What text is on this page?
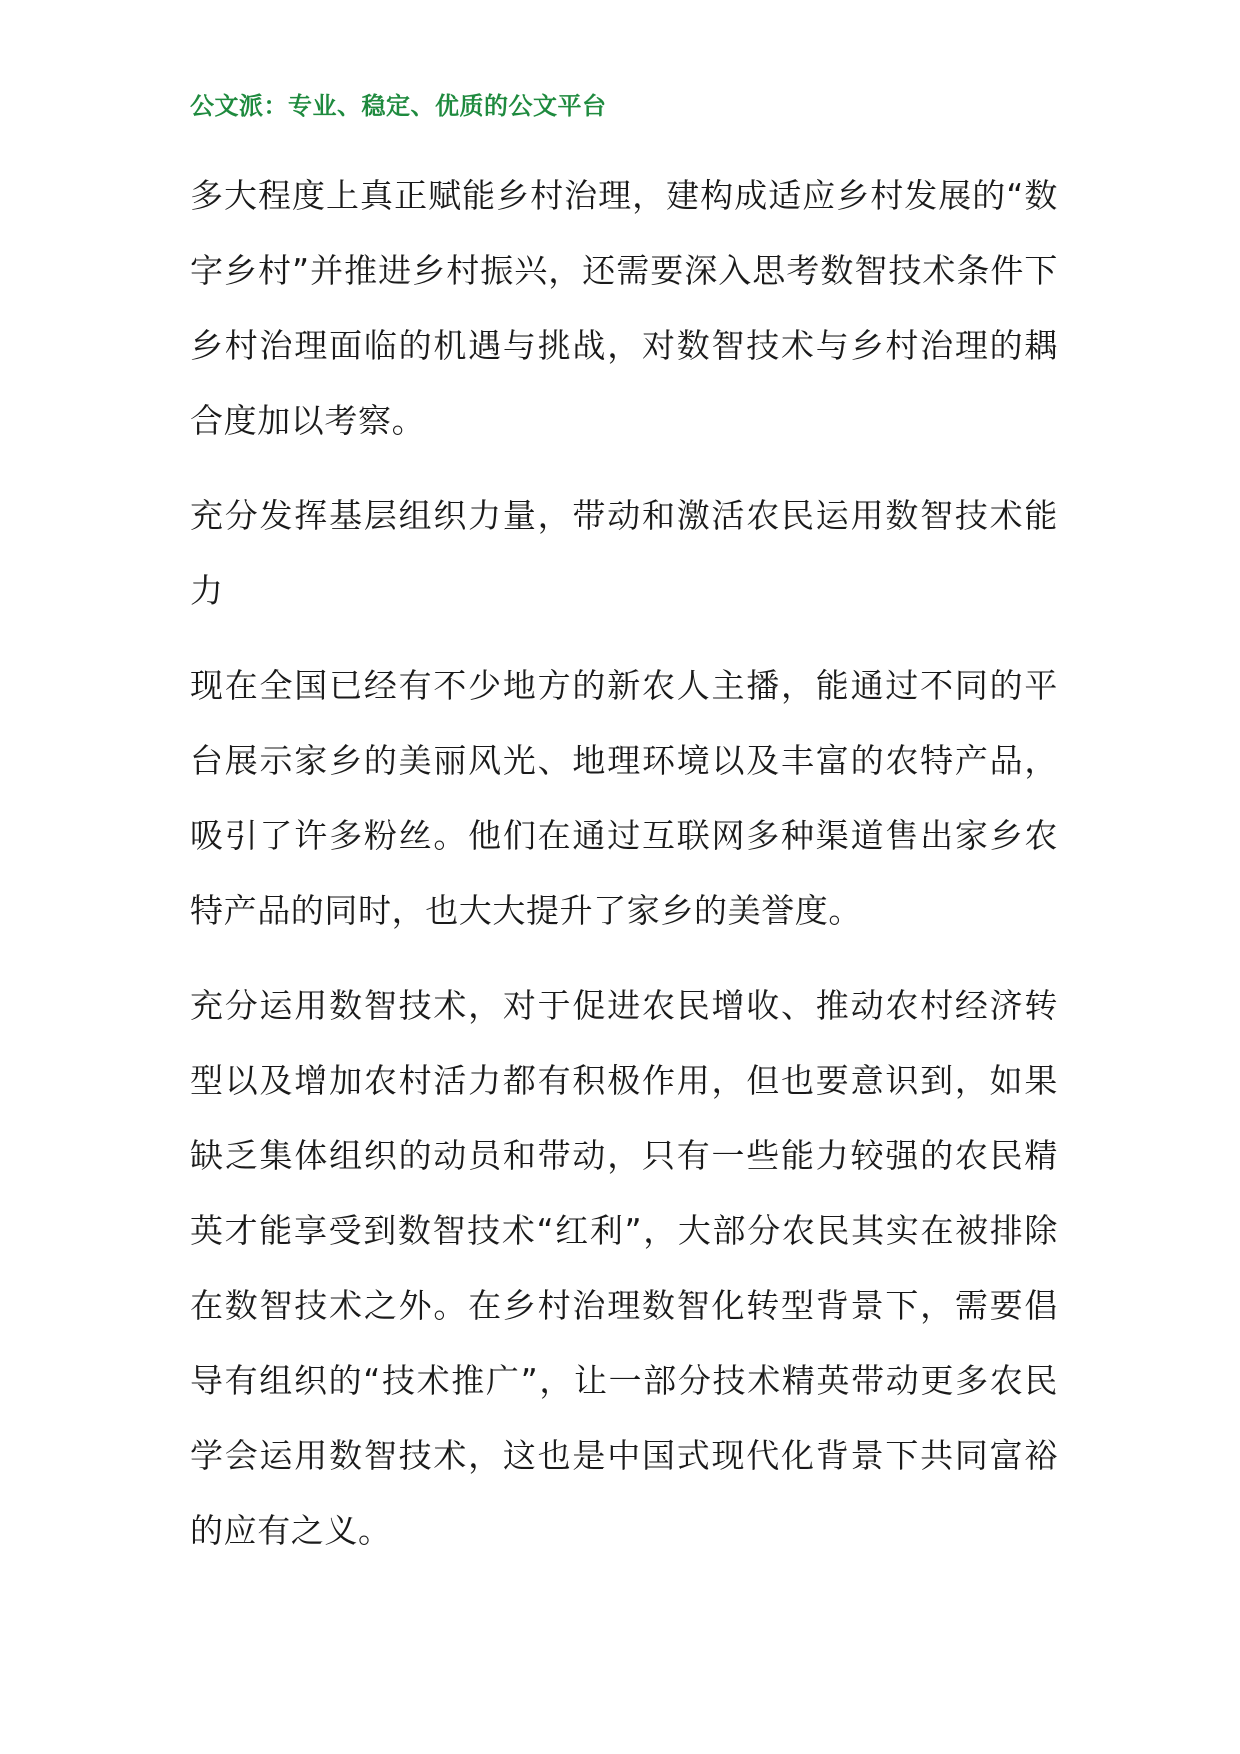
公文派：专业、稳定、优质的公文平台

多大程度上真正赋能乡村治理，建构成适应乡村发展的“数字乡村”并推进乡村振兴，还需要深入思考数智技术条件下乡村治理面临的机遇与挑战，对数智技术与乡村治理的耦合度加以考察。

充分发挥基层组织力量，带动和激活农民运用数智技术能力

现在全国已经有不少地方的新农人主播，能通过不同的平台展示家乡的美丽风光、地理环境以及丰富的农特产品，吸引了许多粉丝。他们在通过互联网多种渠道售出家乡农特产品的同时，也大大提升了家乡的美誉度。

充分运用数智技术，对于促进农民增收、推动农村经济转型以及增加农村活力都有积极作用，但也要意识到，如果缺乏集体组织的动员和带动，只有一些能力较强的农民精英才能享受到数智技术“红利”，大部分农民其实在被排除在数智技术之外。在乡村治理数智化转型背景下，需要倡导有组织的“技术推广”，让一部分技术精英带动更多农民学会运用数智技术，这也是中国式现代化背景下共同富裕的应有之义。
